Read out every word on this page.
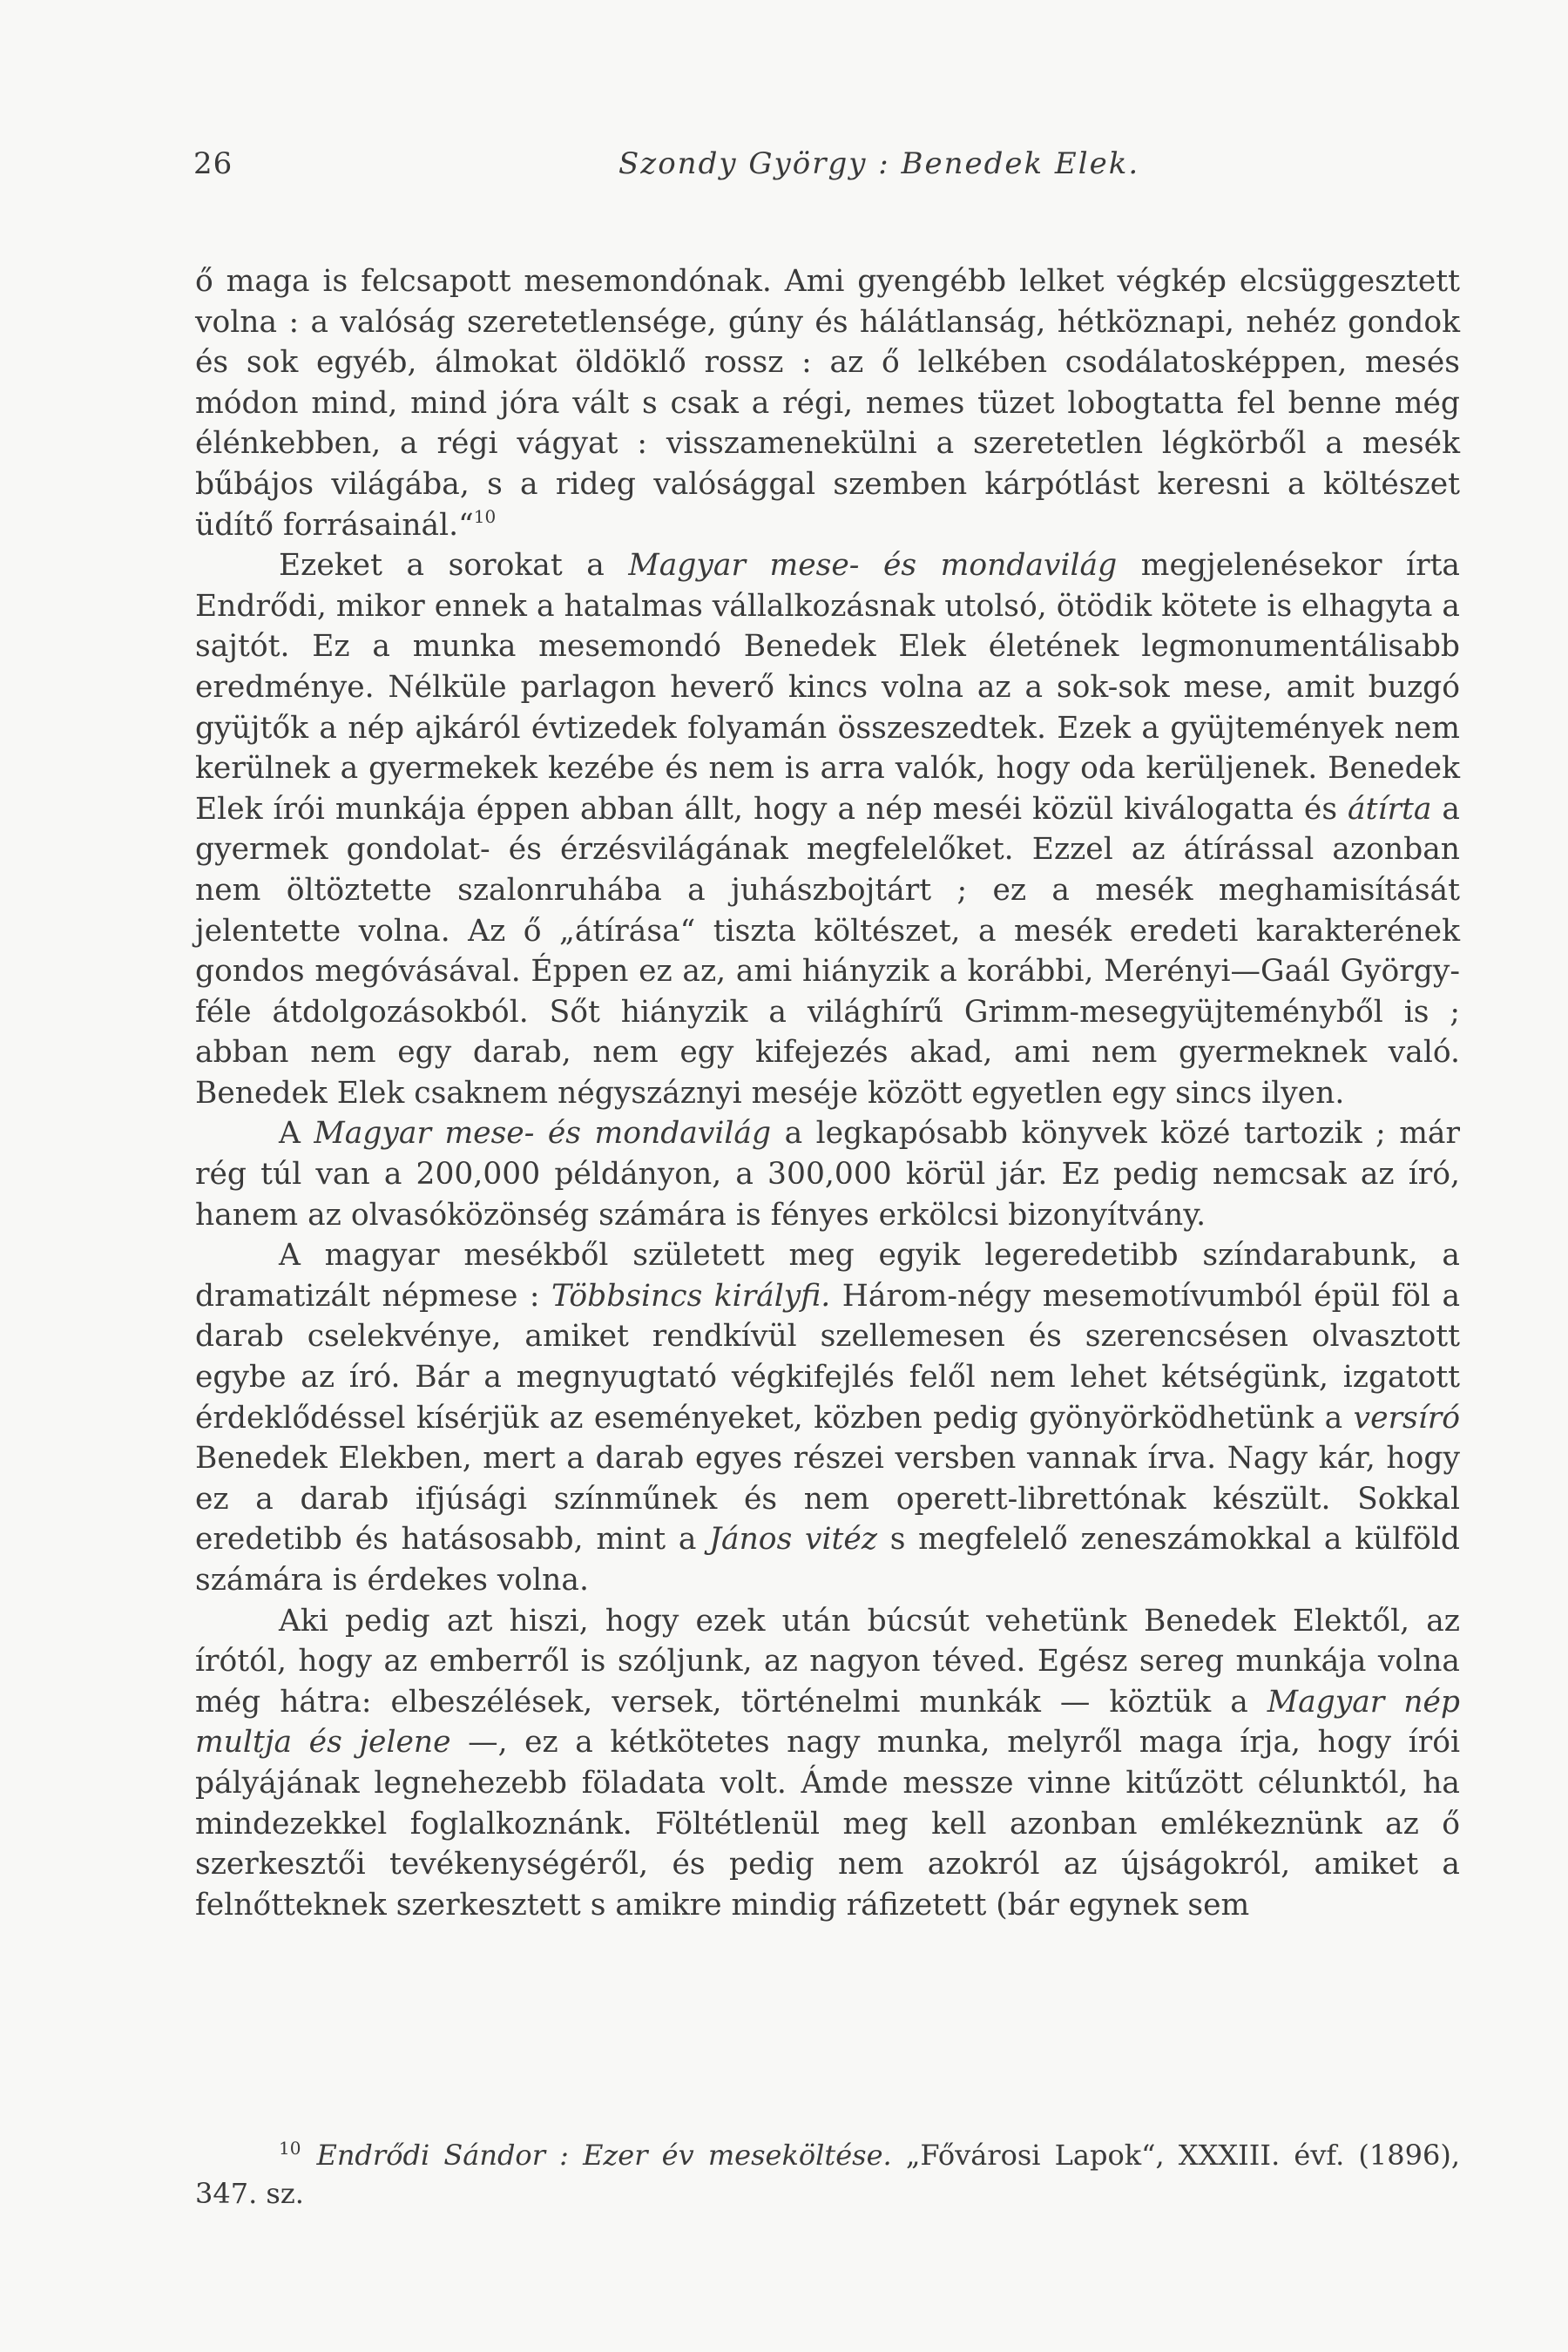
26	Szondy György : Benedek Elek.

ő maga is felcsapott mesemondónak. Ami gyengébb lelket végkép elcsüggesztett volna : a valóság szeretetlensége, gúny és hálátlanság, hétköznapi, nehéz gondok és sok egyéb, álmokat öldöklő rossz : az ő lelkében csodálatosképpen, mesés módon mind, mind jóra vált s csak a régi, nemes tüzet lobogtatta fel benne még élénkebben, a régi vágyat : visszamenekülni a szeretetlen légkörből a mesék bűbájos világába, s a rideg valósággal szemben kárpótlást keresni a költészet üdítő forrásainál.“$^{10}$

Ezeket a sorokat a Magyar mese- és mondavilág megjelenésekor írta Endrődi, mikor ennek a hatalmas vállalkozásnak utolsó, ötödik kötete is elhagyta a sajtót. Ez a munka mesemondó Benedek Elek életének legmonumentálisabb eredménye. Nélküle parlagon heverő kincs volna az a sok-sok mese, amit buzgó gyüjtők a nép ajkáról évtizedek folyamán összeszedtek. Ezek a gyüjtemények nem kerülnek a gyermekek kezébe és nem is arra valók, hogy oda kerüljenek. Benedek Elek írói munkája éppen abban állt, hogy a nép meséi közül kiválogatta és átírta a gyermek gondolat- és érzésvilágának megfelelőket. Ezzel az átírással azonban nem öltöztette szalonruhába a juhászbojtárt ; ez a mesék meghamisítását jelentette volna. Az ő „átírása“ tiszta költészet, a mesék eredeti karakterének gondos megóvásával. Éppen ez az, ami hiányzik a korábbi, Merényi—Gaál György-féle átdolgozásokból. Sőt hiányzik a világhírű Grimm-mesegyüjteményből is ; abban nem egy darab, nem egy kifejezés akad, ami nem gyermeknek való. Benedek Elek csaknem négyszáznyi meséje között egyetlen egy sincs ilyen.

A Magyar mese- és mondavilág a legkapósabb könyvek közé tartozik ; már rég túl van a 200,000 példányon, a 300,000 körül jár. Ez pedig nemcsak az író, hanem az olvasóközönség számára is fényes erkölcsi bizonyítvány.

A magyar mesékből született meg egyik legeredetibb színdarabunk, a dramatizált népmese : Többsincs királyfi. Három-négy mesemotívumból épül föl a darab cselekvénye, amiket rendkívül szellemesen és szerencsésen olvasztott egybe az író. Bár a megnyugtató végkifejlés felől nem lehet kétségünk, izgatott érdeklődéssel kísérjük az eseményeket, közben pedig gyönyörködhetünk a versíró Benedek Elekben, mert a darab egyes részei versben vannak írva. Nagy kár, hogy ez a darab ifjúsági színműnek és nem operett-librettónak készült. Sokkal eredetibb és hatásosabb, mint a János vitéz s megfelelő zeneszámokkal a külföld számára is érdekes volna.

Aki pedig azt hiszi, hogy ezek után búcsút vehetünk Benedek Elektől, az írótól, hogy az emberről is szóljunk, az nagyon téved. Egész sereg munkája volna még hátra: elbeszélések, versek, történelmi munkák — köztük a Magyar nép multja és jelene —, ez a kétkötetes nagy munka, melyről maga írja, hogy írói pályájának legnehezebb föladata volt. Ámde messze vinne kitűzött célunktól, ha mindezekkel foglalkoznánk. Föltétlenül meg kell azonban emlékeznünk az ő szerkesztői tevékenységéről, és pedig nem azokról az újságokról, amiket a felnőtteknek szerkesztett s amikre mindig ráfizetett (bár egynek sem

$^{10}$ Endrődi Sándor : Ezer év meseköltése. „Fővárosi Lapok“, XXXIII. évf. (1896), 347. sz.
